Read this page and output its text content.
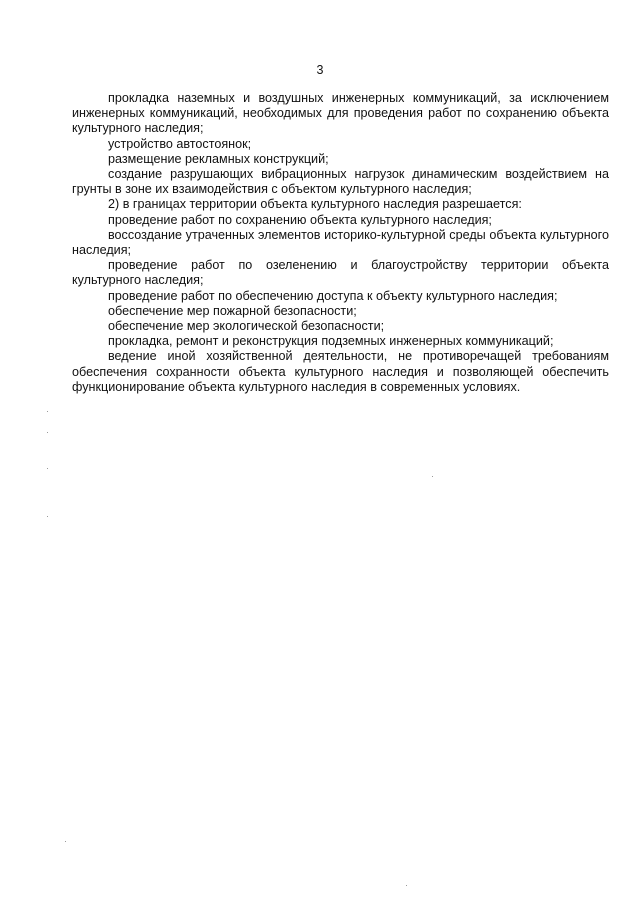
3

прокладка наземных и воздушных инженерных коммуникаций, за исключением инженерных коммуникаций, необходимых для проведения работ по сохранению объекта культурного наследия;

устройство автостоянок;

размещение рекламных конструкций;

создание разрушающих вибрационных нагрузок динамическим воздействием на грунты в зоне их взаимодействия с объектом культурного наследия;

2) в границах территории объекта культурного наследия разрешается:

проведение работ по сохранению объекта культурного наследия;

воссоздание утраченных элементов историко-культурной среды объекта культурного наследия;

проведение работ по озеленению и благоустройству территории объекта культурного наследия;

проведение работ по обеспечению доступа к объекту культурного наследия;

обеспечение мер пожарной безопасности;

обеспечение мер экологической безопасности;

прокладка, ремонт и реконструкция подземных инженерных коммуникаций;

ведение иной хозяйственной деятельности, не противоречащей требованиям обеспечения сохранности объекта культурного наследия и позволяющей обеспечить функционирование объекта культурного наследия в современных условиях.
